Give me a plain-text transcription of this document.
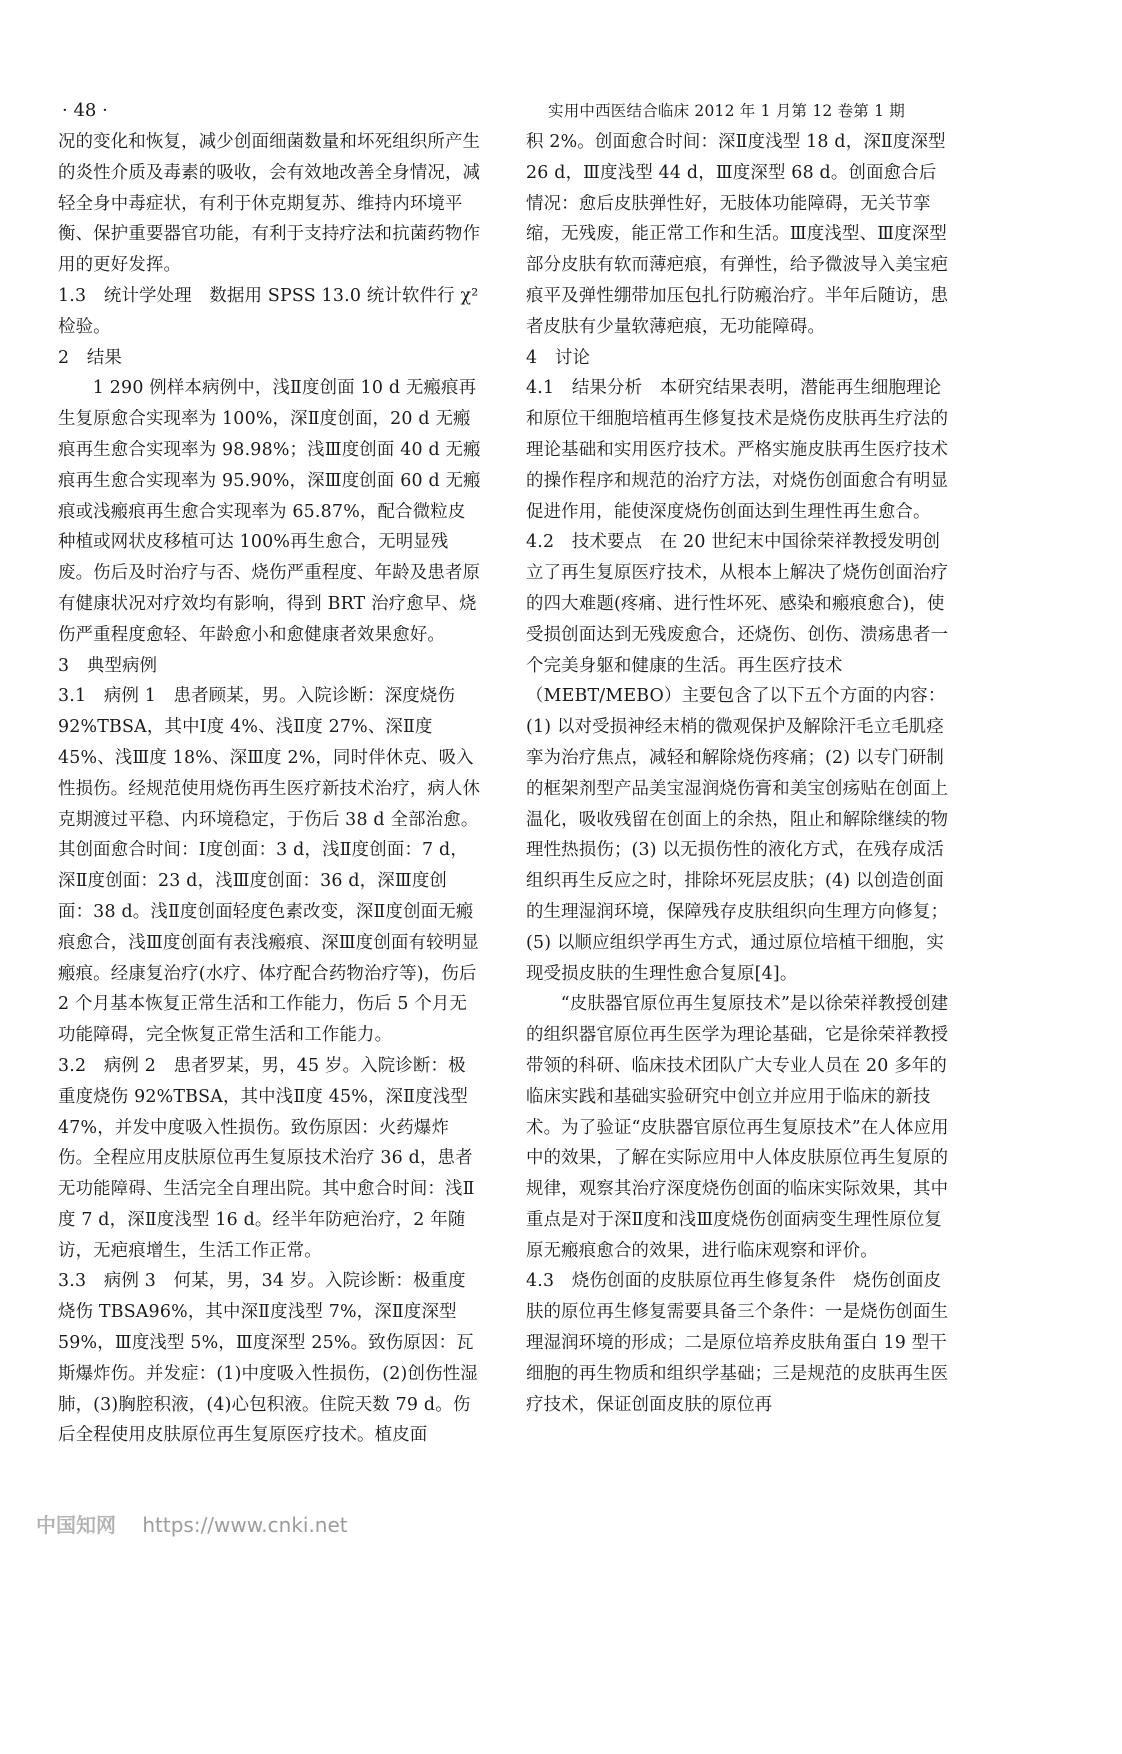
· 48 ·	实用中西医结合临床 2012 年 1 月第 12 卷第 1 期

况的变化和恢复，减少创面细菌数量和坏死组织所产生的炎性介质及毒素的吸收，会有效地改善全身情况，减轻全身中毒症状，有利于休克期复苏、维持内环境平衡、保护重要器官功能，有利于支持疗法和抗菌药物作用的更好发挥。

1.3　统计学处理　数据用 SPSS 13.0 统计软件行 χ² 检验。

2　结果

1 290 例样本病例中，浅Ⅱ度创面 10 d 无瘢痕再生复原愈合实现率为 100%，深Ⅱ度创面，20 d 无瘢痕再生愈合实现率为 98.98%；浅Ⅲ度创面 40 d 无瘢痕再生愈合实现率为 95.90%，深Ⅲ度创面 60 d 无瘢痕或浅瘢痕再生愈合实现率为 65.87%，配合微粒皮种植或网状皮移植可达 100%再生愈合，无明显残废。伤后及时治疗与否、烧伤严重程度、年龄及患者原有健康状况对疗效均有影响，得到 BRT 治疗愈早、烧伤严重程度愈轻、年龄愈小和愈健康者效果愈好。

3　典型病例

3.1　病例 1　患者顾某，男。入院诊断：深度烧伤 92%TBSA，其中Ⅰ度 4%、浅Ⅱ度 27%、深Ⅱ度 45%、浅Ⅲ度 18%、深Ⅲ度 2%，同时伴休克、吸入性损伤。经规范使用烧伤再生医疗新技术治疗，病人休克期渡过平稳、内环境稳定，于伤后 38 d 全部治愈。其创面愈合时间：Ⅰ度创面：3 d，浅Ⅱ度创面：7 d，深Ⅱ度创面：23 d，浅Ⅲ度创面：36 d，深Ⅲ度创面：38 d。浅Ⅱ度创面轻度色素改变，深Ⅱ度创面无瘢痕愈合，浅Ⅲ度创面有表浅瘢痕、深Ⅲ度创面有较明显瘢痕。经康复治疗(水疗、体疗配合药物治疗等)，伤后 2 个月基本恢复正常生活和工作能力，伤后 5 个月无功能障碍，完全恢复正常生活和工作能力。

3.2　病例 2　患者罗某，男，45 岁。入院诊断：极重度烧伤 92%TBSA，其中浅Ⅱ度 45%，深Ⅱ度浅型 47%，并发中度吸入性损伤。致伤原因：火药爆炸伤。全程应用皮肤原位再生复原技术治疗 36 d，患者无功能障碍、生活完全自理出院。其中愈合时间：浅Ⅱ度 7 d，深Ⅱ度浅型 16 d。经半年防疤治疗，2 年随访，无疤痕增生，生活工作正常。

3.3　病例 3　何某，男，34 岁。入院诊断：极重度烧伤 TBSA96%，其中深Ⅱ度浅型 7%，深Ⅱ度深型 59%，Ⅲ度浅型 5%，Ⅲ度深型 25%。致伤原因：瓦斯爆炸伤。并发症：(1)中度吸入性损伤，(2)创伤性湿肺，(3)胸腔积液，(4)心包积液。住院天数 79 d。伤后全程使用皮肤原位再生复原医疗技术。植皮面

积 2%。创面愈合时间：深Ⅱ度浅型 18 d，深Ⅱ度深型 26 d，Ⅲ度浅型 44 d，Ⅲ度深型 68 d。创面愈合后情况：愈后皮肤弹性好，无肢体功能障碍，无关节挛缩，无残废，能正常工作和生活。Ⅲ度浅型、Ⅲ度深型部分皮肤有软而薄疤痕，有弹性，给予微波导入美宝疤痕平及弹性绷带加压包扎行防瘢治疗。半年后随访，患者皮肤有少量软薄疤痕，无功能障碍。

4　讨论

4.1　结果分析　本研究结果表明，潜能再生细胞理论和原位干细胞培植再生修复技术是烧伤皮肤再生疗法的理论基础和实用医疗技术。严格实施皮肤再生医疗技术的操作程序和规范的治疗方法，对烧伤创面愈合有明显促进作用，能使深度烧伤创面达到生理性再生愈合。

4.2　技术要点　在 20 世纪末中国徐荣祥教授发明创立了再生复原医疗技术，从根本上解决了烧伤创面治疗的四大难题(疼痛、进行性坏死、感染和瘢痕愈合)，使受损创面达到无残废愈合，还烧伤、创伤、溃疡患者一个完美身躯和健康的生活。再生医疗技术（MEBT/MEBO）主要包含了以下五个方面的内容：(1) 以对受损神经末梢的微观保护及解除汗毛立毛肌痉挛为治疗焦点，减轻和解除烧伤疼痛；(2) 以专门研制的框架剂型产品美宝湿润烧伤膏和美宝创疡贴在创面上温化，吸收残留在创面上的余热，阻止和解除继续的物理性热损伤；(3) 以无损伤性的液化方式，在残存成活组织再生反应之时，排除坏死层皮肤；(4) 以创造创面的生理湿润环境，保障残存皮肤组织向生理方向修复；(5) 以顺应组织学再生方式，通过原位培植干细胞，实现受损皮肤的生理性愈合复原[4]。

“皮肤器官原位再生复原技术”是以徐荣祥教授创建的组织器官原位再生医学为理论基础，它是徐荣祥教授带领的科研、临床技术团队广大专业人员在 20 多年的临床实践和基础实验研究中创立并应用于临床的新技术。为了验证“皮肤器官原位再生复原技术”在人体应用中的效果，了解在实际应用中人体皮肤原位再生复原的规律，观察其治疗深度烧伤创面的临床实际效果，其中重点是对于深Ⅱ度和浅Ⅲ度烧伤创面病变生理性原位复原无瘢痕愈合的效果，进行临床观察和评价。

4.3　烧伤创面的皮肤原位再生修复条件　烧伤创面皮肤的原位再生修复需要具备三个条件：一是烧伤创面生理湿润环境的形成；二是原位培养皮肤角蛋白 19 型干细胞的再生物质和组织学基础；三是规范的皮肤再生医疗技术，保证创面皮肤的原位再

中国知网 https://www.cnki.net
